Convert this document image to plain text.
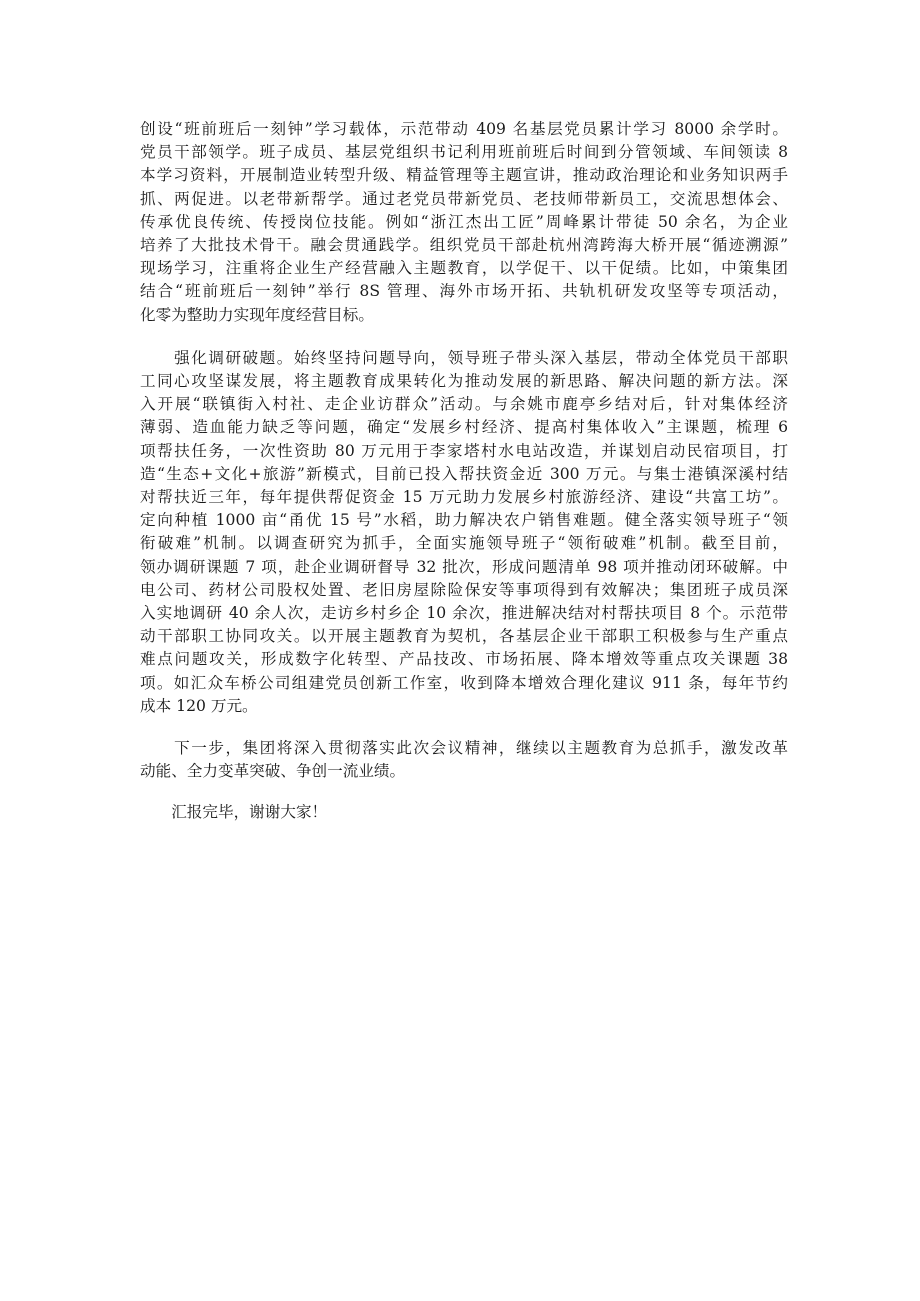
创设“班前班后一刻钟”学习载体，示范带动 409 名基层党员累计学习 8000 余学时。
党员干部领学。班子成员、基层党组织书记利用班前班后时间到分管领域、车间领读 8
本学习资料，开展制造业转型升级、精益管理等主题宣讲，推动政治理论和业务知识两手
抓、两促进。以老带新帮学。通过老党员带新党员、老技师带新员工，交流思想体会、
传承优良传统、传授岗位技能。例如“浙江杰出工匠”周峰累计带徒 50 余名，为企业
培养了大批技术骨干。融会贯通践学。组织党员干部赴杭州湾跨海大桥开展“循迹溯源”
现场学习，注重将企业生产经营融入主题教育，以学促干、以干促绩。比如，中策集团
结合“班前班后一刻钟”举行 8S 管理、海外市场开拓、共轨机研发攻坚等专项活动，
化零为整助力实现年度经营目标。
　　强化调研破题。始终坚持问题导向，领导班子带头深入基层，带动全体党员干部职
工同心攻坚谋发展，将主题教育成果转化为推动发展的新思路、解决问题的新方法。深
入开展“联镇街入村社、走企业访群众”活动。与余姚市鹿亭乡结对后，针对集体经济
薄弱、造血能力缺乏等问题，确定“发展乡村经济、提高村集体收入”主课题，梳理 6
项帮扶任务，一次性资助 80 万元用于李家塔村水电站改造，并谋划启动民宿项目，打
造“生态+文化+旅游”新模式，目前已投入帮扶资金近 300 万元。与集士港镇深溪村结
对帮扶近三年，每年提供帮促资金 15 万元助力发展乡村旅游经济、建设“共富工坊”。
定向种植 1000 亩“甬优 15 号”水稻，助力解决农户销售难题。健全落实领导班子“领
衔破难”机制。以调查研究为抓手，全面实施领导班子“领衔破难”机制。截至目前，
领办调研课题 7 项，赴企业调研督导 32 批次，形成问题清单 98 项并推动闭环破解。中
电公司、药材公司股权处置、老旧房屋除险保安等事项得到有效解决；集团班子成员深
入实地调研 40 余人次，走访乡村乡企 10 余次，推进解决结对村帮扶项目 8 个。示范带
动干部职工协同攻关。以开展主题教育为契机，各基层企业干部职工积极参与生产重点
难点问题攻关，形成数字化转型、产品技改、市场拓展、降本增效等重点攻关课题 38
项。如汇众车桥公司组建党员创新工作室，收到降本增效合理化建议 911 条，每年节约
成本 120 万元。
　　下一步，集团将深入贯彻落实此次会议精神，继续以主题教育为总抓手，激发改革
动能、全力变革突破、争创一流业绩。
　　汇报完毕，谢谢大家！
